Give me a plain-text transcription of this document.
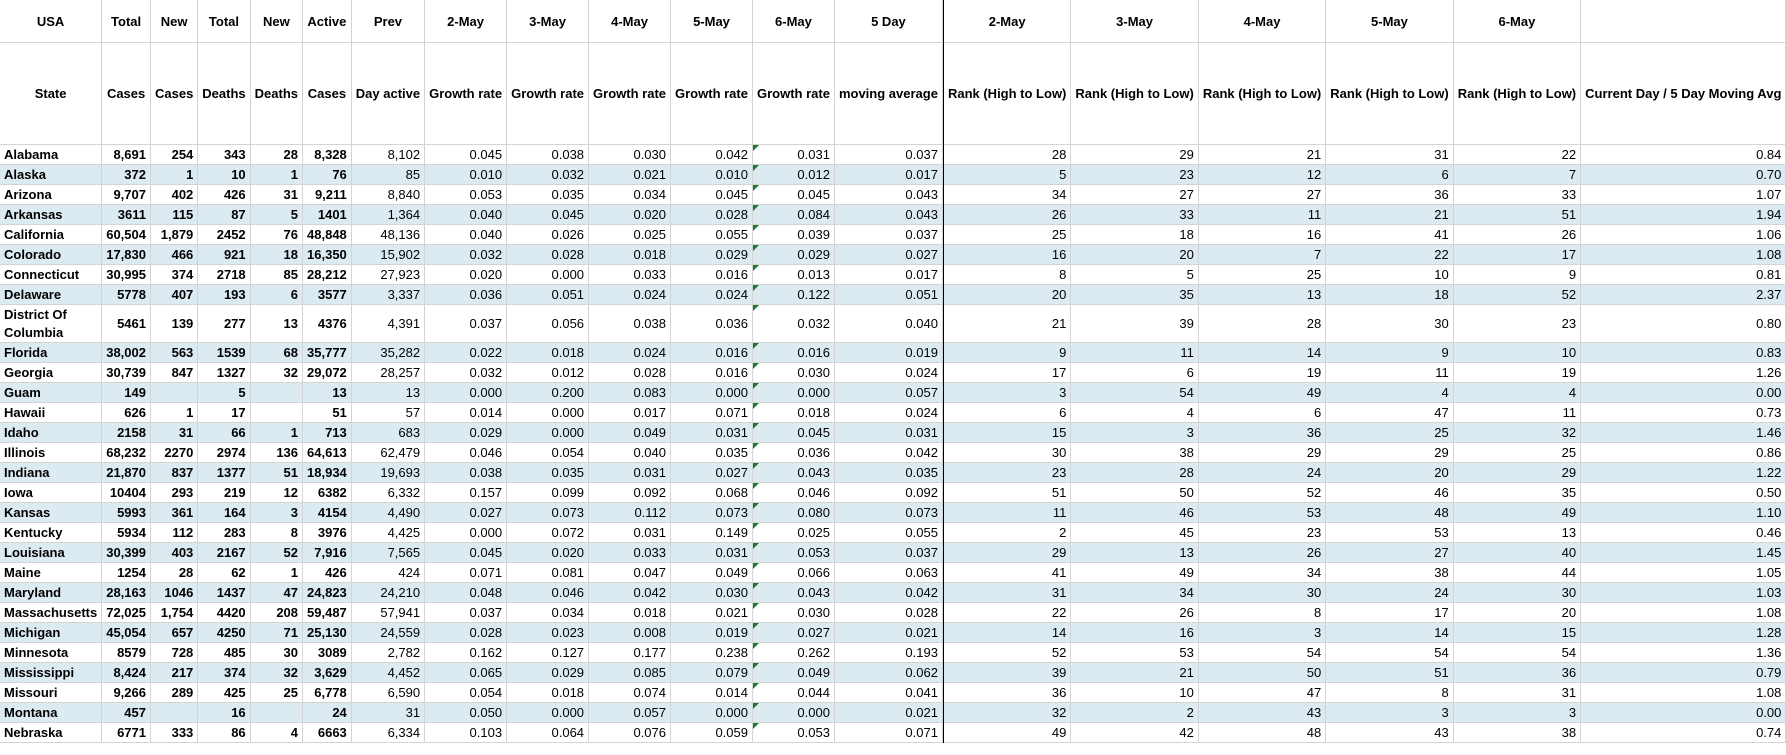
USA	Total	New	Total	New	Active	Prev	2-May	3-May	4-May	5-May	6-May	5 Day		2-May	3-May	4-May	5-May	6-May	
State	Cases	Cases	Deaths	Deaths	Cases	Day active	Growth rate	Growth rate	Growth rate	Growth rate	Growth rate	moving average		Rank (High to Low)	Rank (High to Low)	Rank (High to Low)	Rank (High to Low)	Rank (High to Low)	Current Day / 5 Day Moving Avg
Alabama	8,691	254	343	28	8,328	8,102	0.045	0.038	0.030	0.042	0.031	0.037		28	29	21	31	22	0.84
Alaska	372	1	10	1	76	85	0.010	0.032	0.021	0.010	0.012	0.017		5	23	12	6	7	0.70
Arizona	9,707	402	426	31	9,211	8,840	0.053	0.035	0.034	0.045	0.045	0.043		34	27	27	36	33	1.07
Arkansas	3611	115	87	5	1401	1,364	0.040	0.045	0.020	0.028	0.084	0.043		26	33	11	21	51	1.94
California	60,504	1,879	2452	76	48,848	48,136	0.040	0.026	0.025	0.055	0.039	0.037		25	18	16	41	26	1.06
Colorado	17,830	466	921	18	16,350	15,902	0.032	0.028	0.018	0.029	0.029	0.027		16	20	7	22	17	1.08
Connecticut	30,995	374	2718	85	28,212	27,923	0.020	0.000	0.033	0.016	0.013	0.017		8	5	25	10	9	0.81
Delaware	5778	407	193	6	3577	3,337	0.036	0.051	0.024	0.024	0.122	0.051		20	35	13	18	52	2.37
District Of Columbia	5461	139	277	13	4376	4,391	0.037	0.056	0.038	0.036	0.032	0.040		21	39	28	30	23	0.80
Florida	38,002	563	1539	68	35,777	35,282	0.022	0.018	0.024	0.016	0.016	0.019		9	11	14	9	10	0.83
Georgia	30,739	847	1327	32	29,072	28,257	0.032	0.012	0.028	0.016	0.030	0.024		17	6	19	11	19	1.26
Guam	149		5		13	13	0.000	0.200	0.083	0.000	0.000	0.057		3	54	49	4	4	0.00
Hawaii	626	1	17		51	57	0.014	0.000	0.017	0.071	0.018	0.024		6	4	6	47	11	0.73
Idaho	2158	31	66	1	713	683	0.029	0.000	0.049	0.031	0.045	0.031		15	3	36	25	32	1.46
Illinois	68,232	2270	2974	136	64,613	62,479	0.046	0.054	0.040	0.035	0.036	0.042		30	38	29	29	25	0.86
Indiana	21,870	837	1377	51	18,934	19,693	0.038	0.035	0.031	0.027	0.043	0.035		23	28	24	20	29	1.22
Iowa	10404	293	219	12	6382	6,332	0.157	0.099	0.092	0.068	0.046	0.092		51	50	52	46	35	0.50
Kansas	5993	361	164	3	4154	4,490	0.027	0.073	0.112	0.073	0.080	0.073		11	46	53	48	49	1.10
Kentucky	5934	112	283	8	3976	4,425	0.000	0.072	0.031	0.149	0.025	0.055		2	45	23	53	13	0.46
Louisiana	30,399	403	2167	52	7,916	7,565	0.045	0.020	0.033	0.031	0.053	0.037		29	13	26	27	40	1.45
Maine	1254	28	62	1	426	424	0.071	0.081	0.047	0.049	0.066	0.063		41	49	34	38	44	1.05
Maryland	28,163	1046	1437	47	24,823	24,210	0.048	0.046	0.042	0.030	0.043	0.042		31	34	30	24	30	1.03
Massachusetts	72,025	1,754	4420	208	59,487	57,941	0.037	0.034	0.018	0.021	0.030	0.028		22	26	8	17	20	1.08
Michigan	45,054	657	4250	71	25,130	24,559	0.028	0.023	0.008	0.019	0.027	0.021		14	16	3	14	15	1.28
Minnesota	8579	728	485	30	3089	2,782	0.162	0.127	0.177	0.238	0.262	0.193		52	53	54	54	54	1.36
Mississippi	8,424	217	374	32	3,629	4,452	0.065	0.029	0.085	0.079	0.049	0.062		39	21	50	51	36	0.79
Missouri	9,266	289	425	25	6,778	6,590	0.054	0.018	0.074	0.014	0.044	0.041		36	10	47	8	31	1.08
Montana	457		16		24	31	0.050	0.000	0.057	0.000	0.000	0.021		32	2	43	3	3	0.00
Nebraska	6771	333	86	4	6663	6,334	0.103	0.064	0.076	0.059	0.053	0.071		49	42	48	43	38	0.74
